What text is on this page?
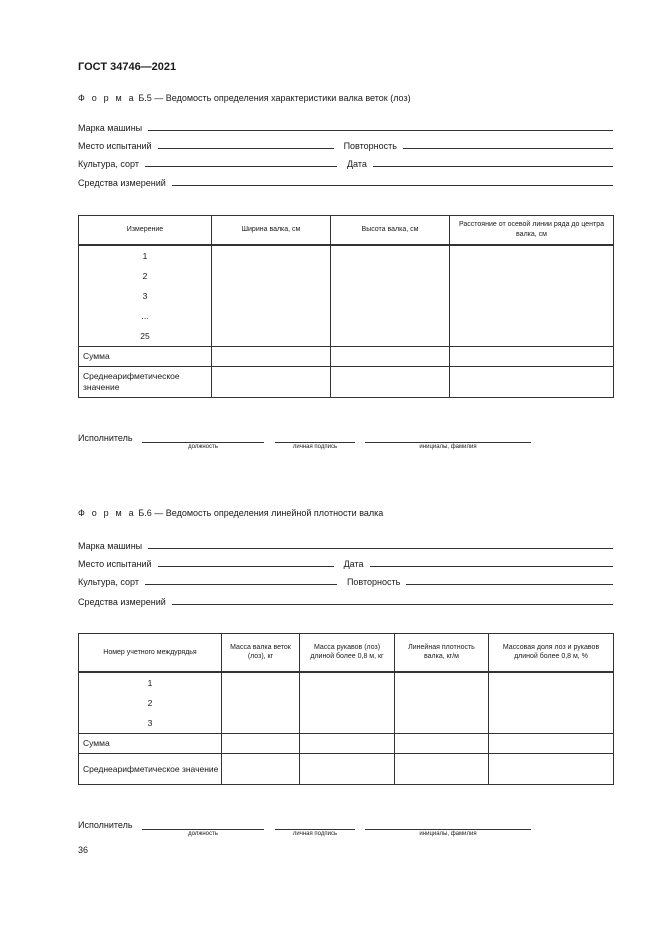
ГОСТ 34746—2021
Ф о р м а Б.5 — Ведомость определения характеристики валка веток (лоз)
Марка машины
Место испытаний	Повторность
Культура, сорт	Дата
Средства измерений
Измерение	Ширина валка, см	Высота валка, см	Расстояние от осевой линии ряда до центра валка, см

1
2
3
...
25			

Сумма			
Среднеарифметическое значение			
Исполнитель
должность	личная подпись	инициалы, фамилия
Ф о р м а Б.6 — Ведомость определения линейной плотности валка
Марка машины
Место испытаний	Дата
Культура, сорт	Повторность
Средства измерений
Номер учетного междурядья	Масса валка веток (лоз), кг	Масса рукавов (лоз) длиной более 0,8 м, кг	Линейная плотность валка, кг/м	Массовая доля лоз и рукавов длиной более 0,8 м, %

1
2
3				

Сумма				
Среднеарифметическое значение				
Исполнитель
должность	личная подпись	инициалы, фамилия
36
